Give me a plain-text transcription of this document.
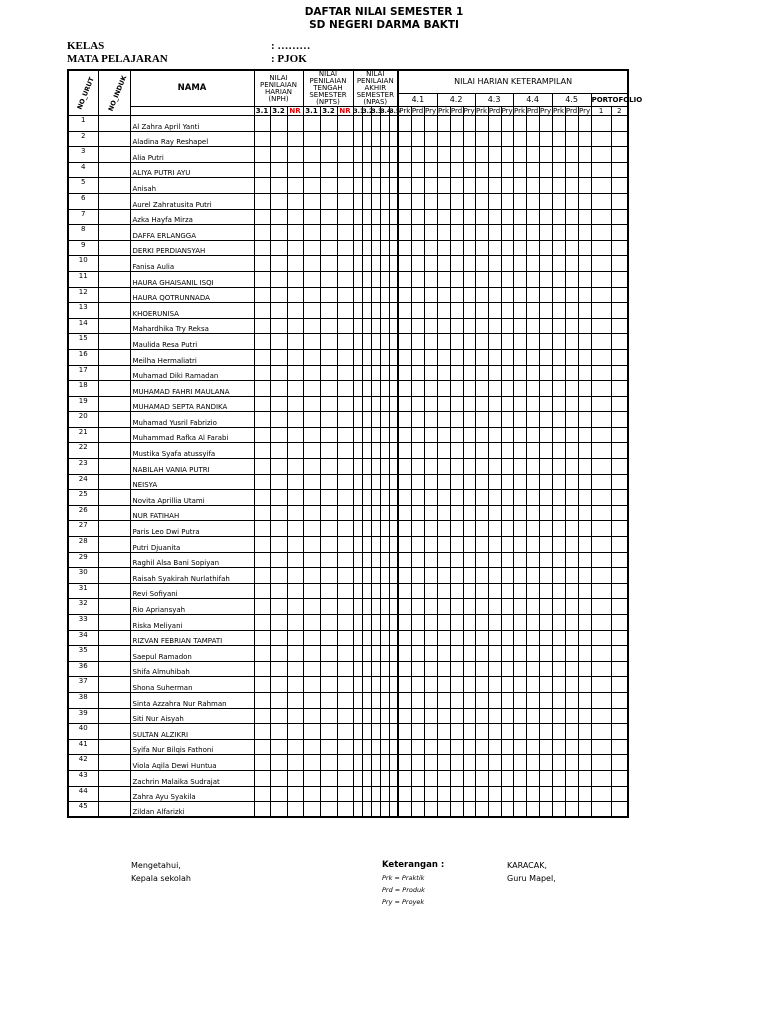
DAFTAR NILAI SEMESTER 1
SD NEGERI DARMA BAKTI
KELAS	: ………
MATA PELAJARAN	: PJOK
NO_URUT	NO_INDUK	NAMA	NILAI PENILAIAN HARIAN (NPH)			NILAI PENILAIAN TENGAH SEMESTER (NPTS)			NILAI PENILAIAN AKHIR SEMESTER (NPAS)					NILAI HARIAN KETERAMPILAN																
														4.1			4.2			4.3			4.4			4.5			PORTOFOLIO	
			3.1	3.2	NR	3.1	3.2	NR	3.1	3.2	3.3	3.4	3.5	Prk	Prd	Pry	Prk	Prd	Pry	Prk	Prd	Pry	Prk	Prd	Pry	Prk	Prd	Pry	1	2
1		Al Zahra April Yanti																												
2		Aladina Ray Reshapel																												
3		Alia Putri																												
4		ALIYA PUTRI AYU																												
5		Anisah																												
6		Aurel Zahratusita Putri																												
7		Azka Hayfa Mirza																												
8		DAFFA ERLANGGA																												
9		DERKI PERDIANSYAH																												
10		Fanisa Aulia																												
11		HAURA GHAISANIL ISQI																												
12		HAURA QOTRUNNADA																												
13		KHOERUNISA																												
14		Mahardhika Try Reksa																												
15		Maulida Resa Putri																												
16		Meilha Hermaliatri																												
17		Muhamad Diki Ramadan																												
18		MUHAMAD FAHRI MAULANA																												
19		MUHAMAD SEPTA RANDIKA																												
20		Muhamad Yusril Fabrizio																												
21		Muhammad Rafka Al Farabi																												
22		Mustika Syafa atussyifa																												
23		NABILAH VANIA PUTRI																												
24		NEISYA																												
25		Novita Aprillia Utami																												
26		NUR FATIHAH																												
27		Paris Leo Dwi Putra																												
28		Putri Djuanita																												
29		Raghil Alsa Bani Sopiyan																												
30		Raisah Syakirah Nurlathifah																												
31		Revi Sofiyani																												
32		Rio Apriansyah																												
33		Riska Meliyani																												
34		RIZVAN FEBRIAN TAMPATI																												
35		Saepul Ramadon																												
36		Shifa Almuhibah																												
37		Shona Suherman																												
38		Sinta Azzahra Nur Rahman																												
39		Siti Nur Aisyah																												
40		SULTAN ALZIKRI																												
41		Syifa Nur Bilqis Fathoni																												
42		Viola Aqila Dewi Huntua																												
43		Zachrin Malaika Sudrajat																												
44		Zahra Ayu Syakila																												
45		Zildan Alfarizki																												
Mengetahui,
Kepala sekolah
Keterangan :
Prk = Praktik
Prd = Produk
Pry = Proyek
KARACAK,
Guru Mapel,
